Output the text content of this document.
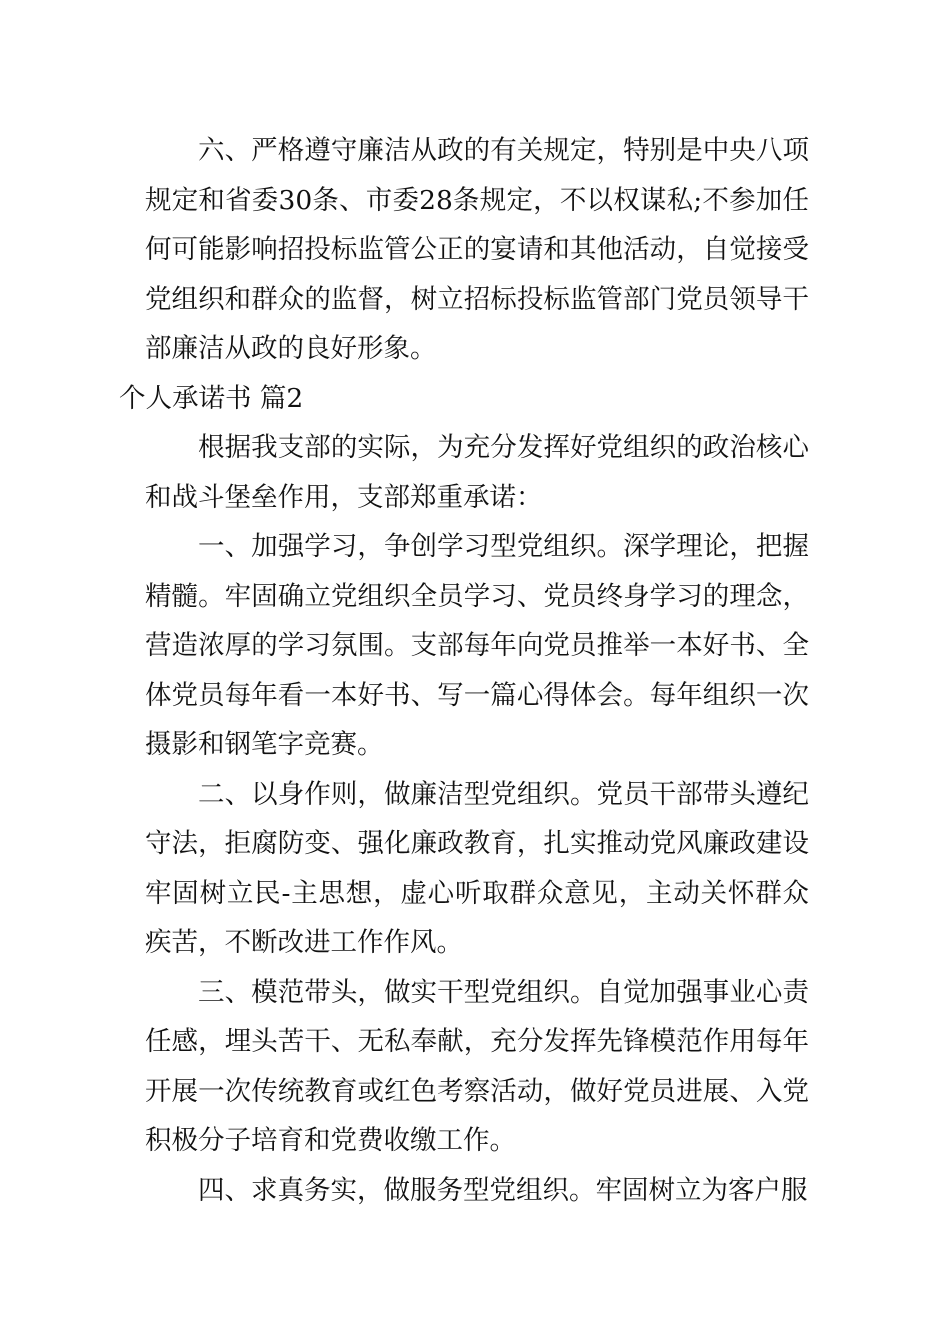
六、严格遵守廉洁从政的有关规定，特别是中央八项规定和省委30条、市委28条规定，不以权谋私;不参加任何可能影响招投标监管公正的宴请和其他活动，自觉接受党组织和群众的监督，树立招标投标监管部门党员领导干部廉洁从政的良好形象。

个人承诺书 篇2

根据我支部的实际，为充分发挥好党组织的政治核心和战斗堡垒作用，支部郑重承诺：

一、加强学习，争创学习型党组织。深学理论，把握精髓。牢固确立党组织全员学习、党员终身学习的理念，营造浓厚的学习氛围。支部每年向党员推举一本好书、全体党员每年看一本好书、写一篇心得体会。每年组织一次摄影和钢笔字竞赛。

二、以身作则，做廉洁型党组织。党员干部带头遵纪守法，拒腐防变、强化廉政教育，扎实推动党风廉政建设牢固树立民-主思想，虚心听取群众意见，主动关怀群众疾苦，不断改进工作作风。

三、模范带头，做实干型党组织。自觉加强事业心责任感，埋头苦干、无私奉献，充分发挥先锋模范作用每年开展一次传统教育或红色考察活动，做好党员进展、入党积极分子培育和党费收缴工作。

四、求真务实，做服务型党组织。牢固树立为客户服
